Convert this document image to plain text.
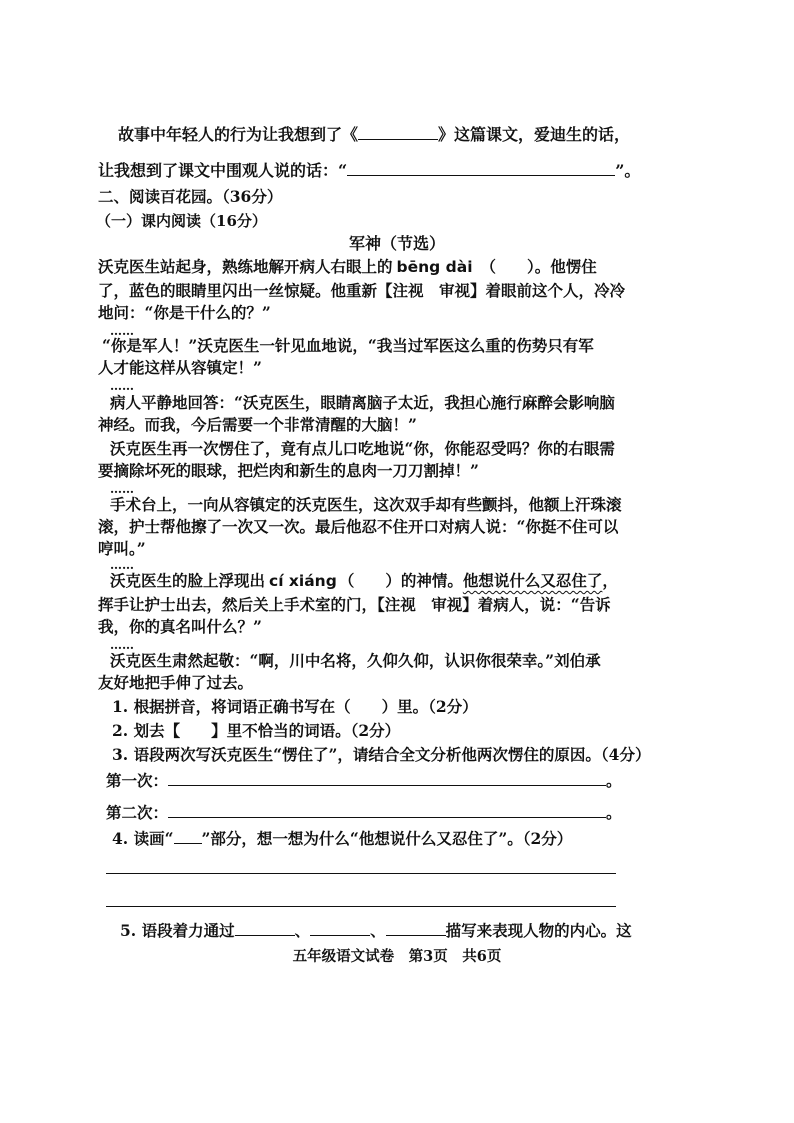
故事中年轻人的行为让我想到了《	》这篇课文，爱迪生的话，
让我想到了课文中围观人说的话：“	”。
二、阅读百花园。（36分）
（一）课内阅读（16分）
军神（节选）
沃克医生站起身，熟练地解开病人右眼上的 bēng dài （　　）。他愣住
了，蓝色的眼睛里闪出一丝惊疑。他重新【注视　审视】着眼前这个人，冷冷
地问：“你是干什么的？”
……
“你是军人！”沃克医生一针见血地说，“我当过军医这么重的伤势只有军
人才能这样从容镇定！”
……
病人平静地回答：“沃克医生，眼睛离脑子太近，我担心施行麻醉会影响脑
神经。而我，今后需要一个非常清醒的大脑！”
沃克医生再一次愣住了，竟有点儿口吃地说“你，你能忍受吗？你的右眼需
要摘除坏死的眼球，把烂肉和新生的息肉一刀刀割掉！”
……
手术台上，一向从容镇定的沃克医生，这次双手却有些颤抖，他额上汗珠滚
滚，护士帮他擦了一次又一次。最后他忍不住开口对病人说：“你挺不住可以
哼叫。”
……
沃克医生的脸上浮现出 cí xiáng （　　）的神情。他想说什么又忍住了，
挥手让护士出去，然后关上手术室的门，【注视　审视】着病人，说：“告诉
我，你的真名叫什么？”
……
沃克医生肃然起敬：“啊，川中名将，久仰久仰，认识你很荣幸。”刘伯承
友好地把手伸了过去。
1. 根据拼音，将词语正确书写在（　　）里。（2分）
2. 划去【　　】里不恰当的词语。（2分）
3. 语段两次写沃克医生“愣住了”，请结合全文分析他两次愣住的原因。（4分）
第一次：	。
第二次：	。
4. 读画“ ”部分，想一想为什么“他想说什么又忍住了”。（2分）
5. 语段着力通过	、	、	描写来表现人物的内心。这
五年级语文试卷　第3页　共6页
